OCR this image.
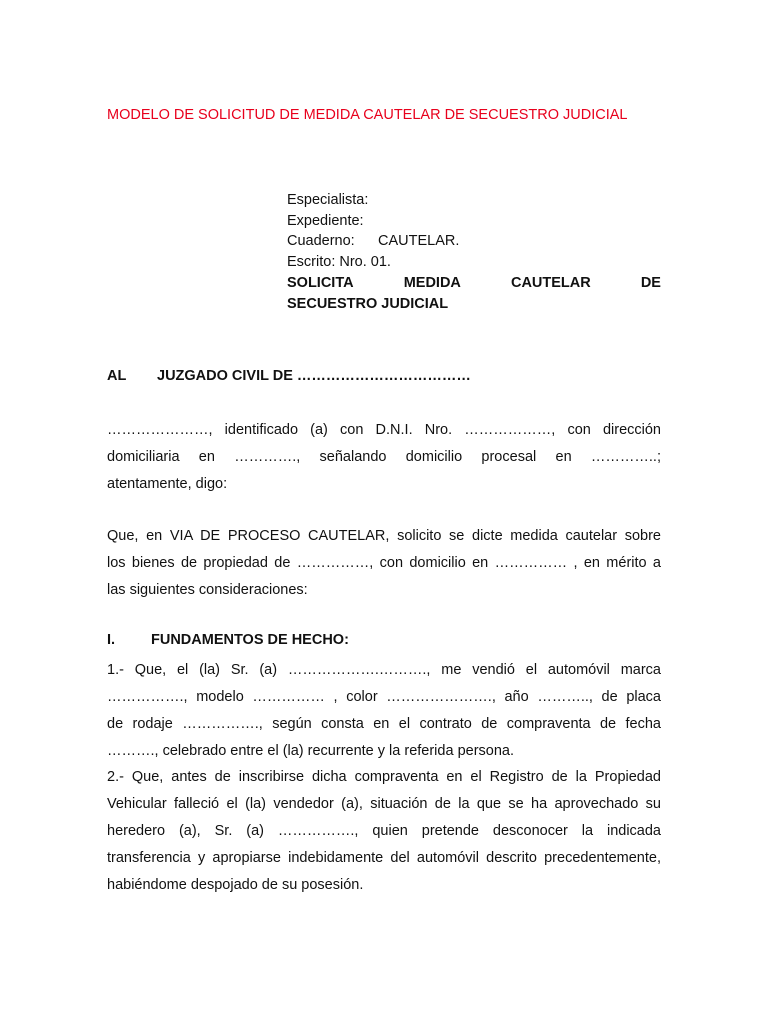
MODELO DE SOLICITUD DE MEDIDA CAUTELAR DE SECUESTRO JUDICIAL
Especialista:
Expediente:
Cuaderno: CAUTELAR.
Escrito: Nro. 01.
SOLICITA	MEDIDA	CAUTELAR	DE
SECUESTRO JUDICIAL
AL JUZGADO CIVIL DE ………………………………
…………………, identificado (a) con D.N.I. Nro. ………………, con dirección
domiciliaria en …………., señalando domicilio procesal en …………..;
atentamente, digo:
Que, en VIA DE PROCESO CAUTELAR, solicito se dicte medida cautelar sobre
los bienes de propiedad de ……………, con domicilio en …………… , en mérito a
las siguientes consideraciones:
I. FUNDAMENTOS DE HECHO:
1.- Que, el (la) Sr. (a) ……………….………., me vendió el automóvil marca
……………., modelo …………… , color …………………., año ……….., de placa
de rodaje ……………., según consta en el contrato de compraventa de fecha
………., celebrado entre el (la) recurrente y la referida persona.
2.- Que, antes de inscribirse dicha compraventa en el Registro de la Propiedad
Vehicular falleció el (la) vendedor (a), situación de la que se ha aprovechado su
heredero (a), Sr. (a) ……………., quien pretende desconocer la indicada
transferencia y apropiarse indebidamente del automóvil descrito precedentemente,
habiéndome despojado de su posesión.
